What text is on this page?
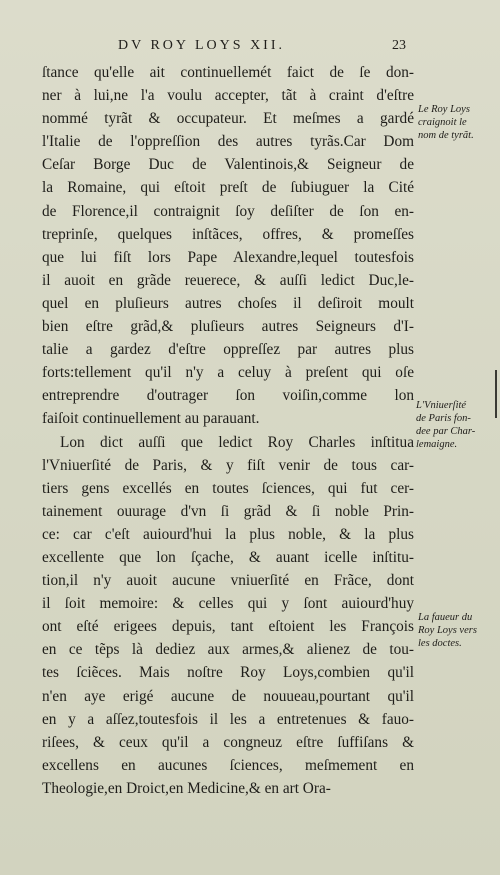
DV ROY LOYS XII.	23
ſtance qu'elle ait continuellemét faict de ſe don-
ner à lui,ne l'a voulu accepter, tãt à craint d'eſtre
nommé tyrãt & occupateur. Et meſmes a gardé
l'Italie de l'oppreſſion des autres tyrãs.Car Dom
Ceſar Borge Duc de Valentinois,& Seigneur de
la Romaine, qui eſtoit preſt de ſubiuguer la Cité
de Florence,il contraignit ſoy deſiſter de ſon en-
treprinſe, quelques inſtãces, offres, & promeſſes
que lui fiſt lors Pape Alexandre,lequel toutesfois
il auoit en grãde reuerece, & auſſi ledict Duc,le-
quel en pluſieurs autres choſes il deſiroit moult
bien eſtre grãd,& pluſieurs autres Seigneurs d'I-
talie a gardez d'eſtre oppreſſez par autres plus
forts:tellement qu'il n'y a celuy à preſent qui oſe
entreprendre d'outrager ſon voiſin,comme lon
faiſoit continuellement au parauant.
Lon dict auſſi que ledict Roy Charles inſtitua
l'Vniuerſité de Paris, & y fiſt venir de tous car-
tiers gens excellés en toutes ſciences, qui fut cer-
tainement ouurage d'vn ſi grãd & ſi noble Prin-
ce: car c'eſt auiourd'hui la plus noble, & la plus
excellente que lon ſçache, & auant icelle inſtitu-
tion,il n'y auoit aucune vniuerſité en Frãce, dont
il ſoit memoire: & celles qui y ſont auiourd'huy
ont eſté erigees depuis, tant eſtoient les François
en ce tẽps là dediez aux armes,& alienez de tou-
tes ſciẽces. Mais noſtre Roy Loys,combien qu'il
n'en aye erigé aucune de nouueau,pourtant qu'il
en y a aſſez,toutesfois il les a entretenues & fauo-
riſees, & ceux qu'il a congneuz eſtre ſuffiſans &
excellens en aucunes ſciences, meſmement en
Theologie,en Droict,en Medicine,& en art Ora-
Le Roy Loys
craignoit le
nom de tyrãt.
L'Vniuerſité
de Paris fon-
dee par Char-
lemaigne.
La faueur du
Roy Loys vers
les doctes.
